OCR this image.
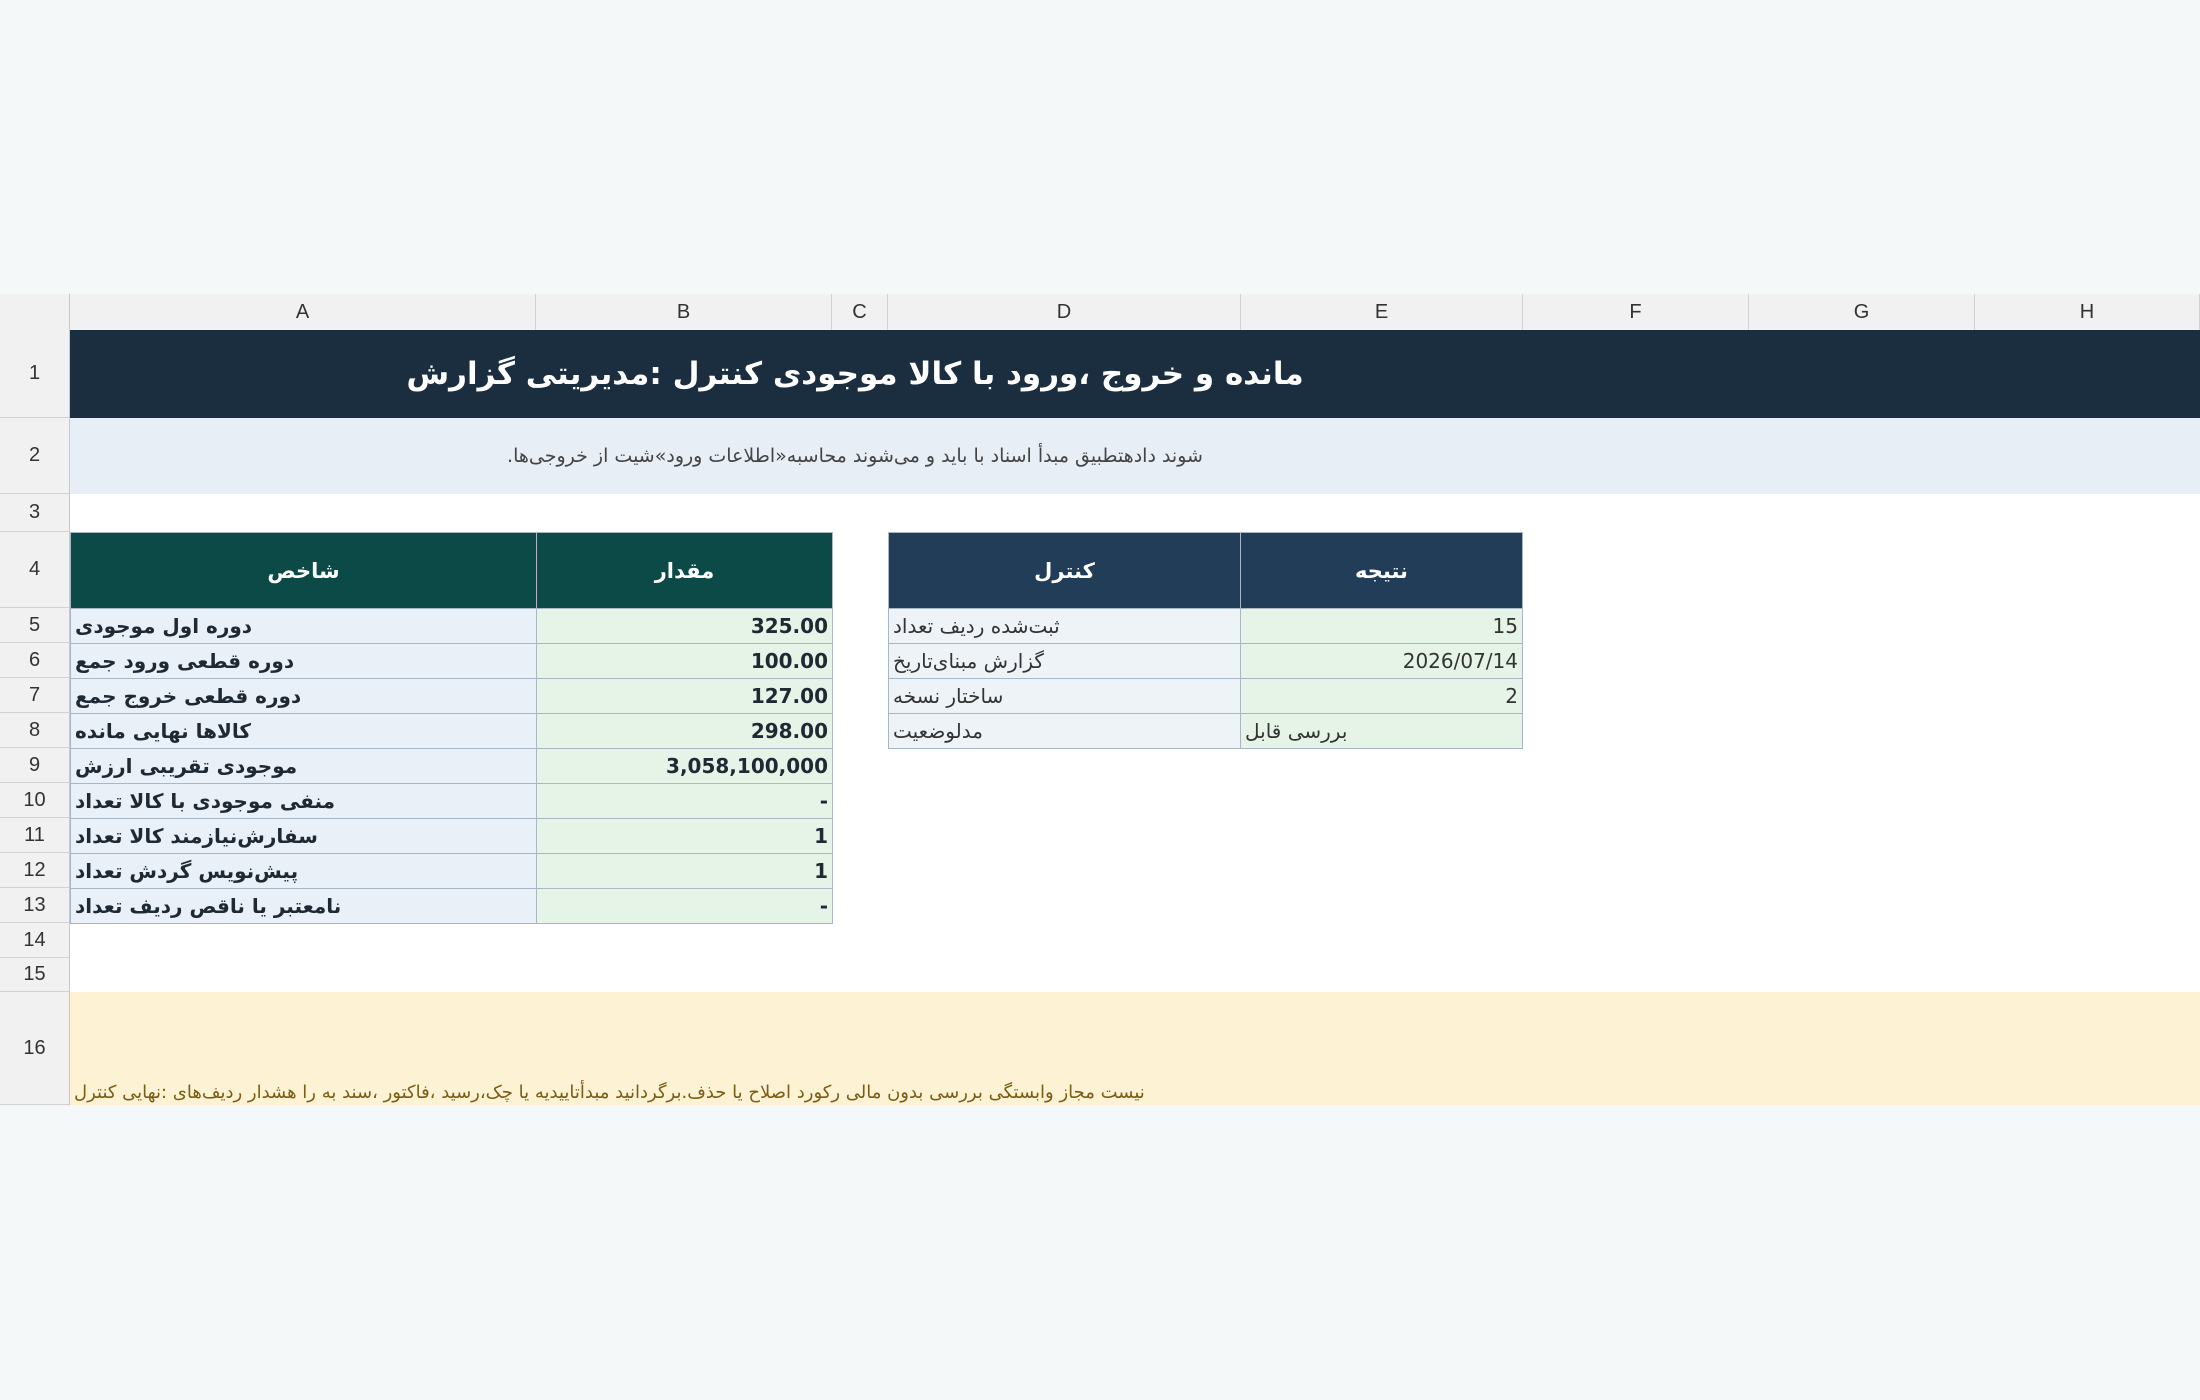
A	B	C	D	E	F	G	H
1
2
3
4
5
6
7
8
9
10
11
12
13
14
15
16
مانده و خروج ،ورود با کالا موجودی کنترل :مدیریتی گزارش
.شوند دادهتطبیق مبدأ اسناد با باید و می‌شوند محاسبه«اطلاعات ورود»شیت از خروجی‌ها
شاخص	مقدار
دوره اول موجودی	325.00
دوره قطعی ورود جمع	100.00
دوره قطعی خروج جمع	127.00
کالاها نهایی مانده	298.00
موجودی تقریبی ارزش	3,058,100,000
منفی موجودی با کالا تعداد	-
سفارش‌نیازمند کالا تعداد	1
پیش‌نویس گردش تعداد	1
نامعتبر یا ناقص ردیف تعداد	-
کنترل	نتیجه
ثبت‌شده ردیف تعداد	15
گزارش مبنای‌تاریخ	2026/07/14
ساختار نسخه	2
مدلوضعیت	بررسی قابل
نیست مجاز وابستگی بررسی بدون مالی رکورد اصلاح یا حذف.برگردانید مبدأتاییدیه یا چک،رسید ،فاکتور ،سند به را هشدار ردیف‌های :نهایی کنترل
